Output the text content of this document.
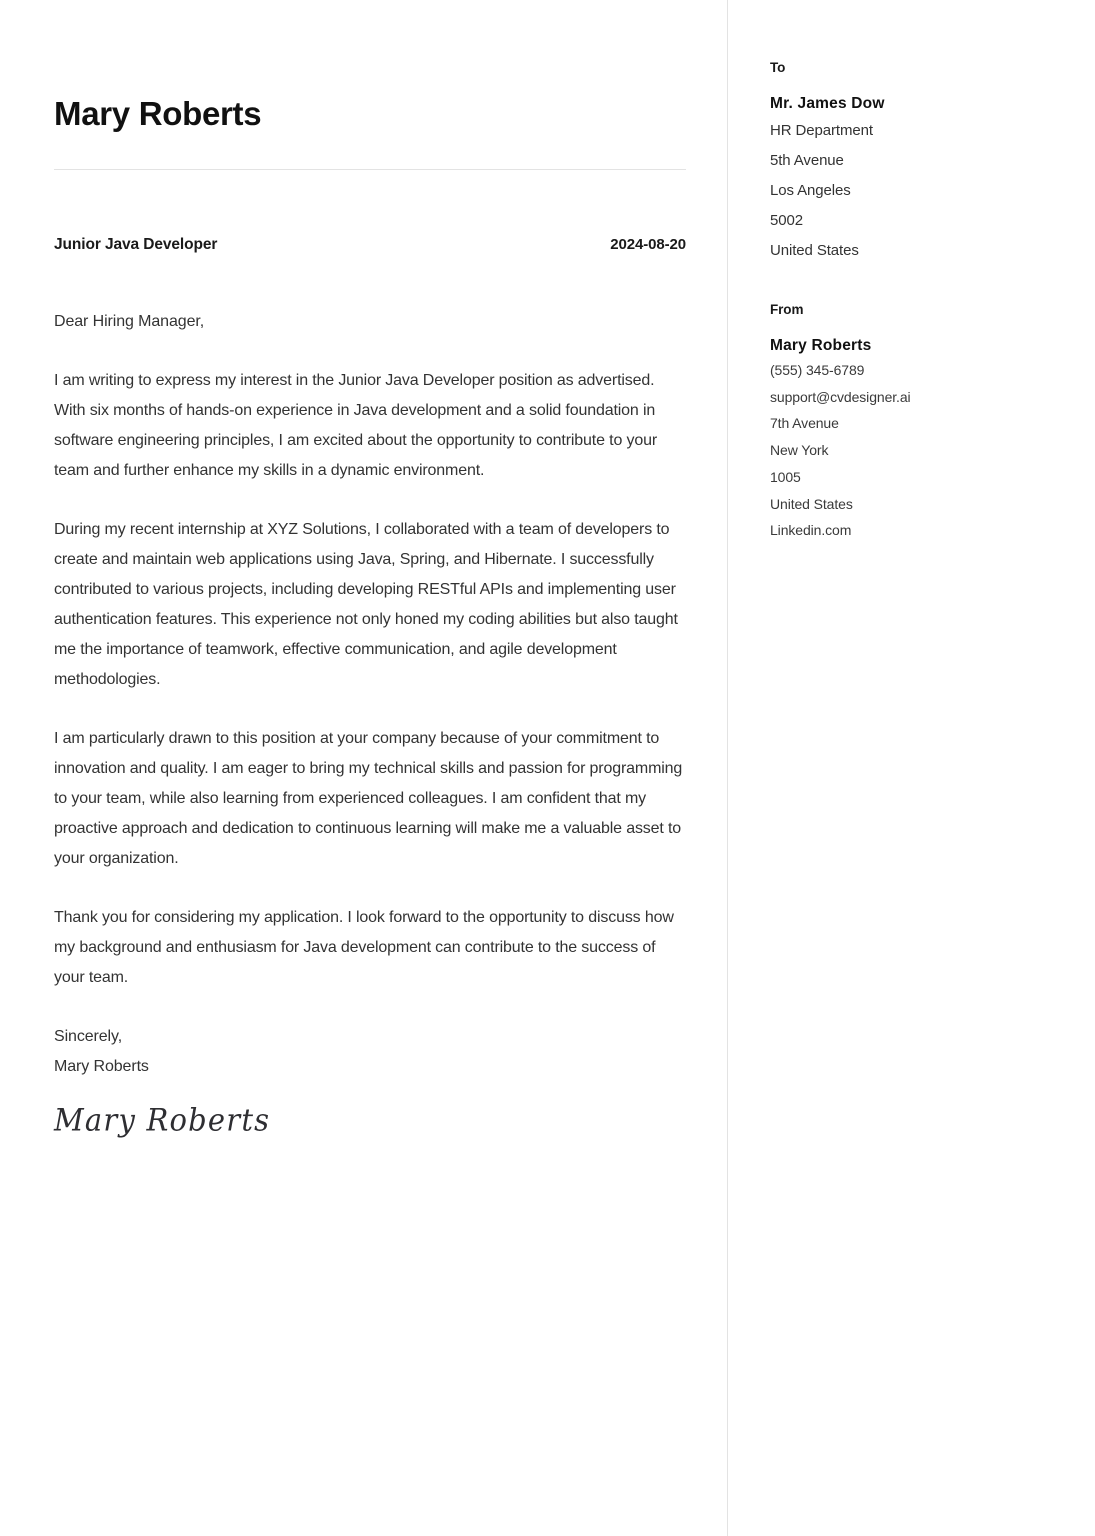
Mary Roberts
Junior Java Developer	2024-08-20
Dear Hiring Manager,

I am writing to express my interest in the Junior Java Developer position as advertised. With six months of hands-on experience in Java development and a solid foundation in software engineering principles, I am excited about the opportunity to contribute to your team and further enhance my skills in a dynamic environment.

During my recent internship at XYZ Solutions, I collaborated with a team of developers to create and maintain web applications using Java, Spring, and Hibernate. I successfully contributed to various projects, including developing RESTful APIs and implementing user authentication features. This experience not only honed my coding abilities but also taught me the importance of teamwork, effective communication, and agile development methodologies.

I am particularly drawn to this position at your company because of your commitment to innovation and quality. I am eager to bring my technical skills and passion for programming to your team, while also learning from experienced colleagues. I am confident that my proactive approach and dedication to continuous learning will make me a valuable asset to your organization.

Thank you for considering my application. I look forward to the opportunity to discuss how my background and enthusiasm for Java development can contribute to the success of your team.

Sincerely,
Mary Roberts
Mary Roberts
To
Mr. James Dow
HR Department
5th Avenue
Los Angeles
5002
United States
From
Mary Roberts
(555) 345-6789
support@cvdesigner.ai
7th Avenue
New York
1005
United States
Linkedin.com
